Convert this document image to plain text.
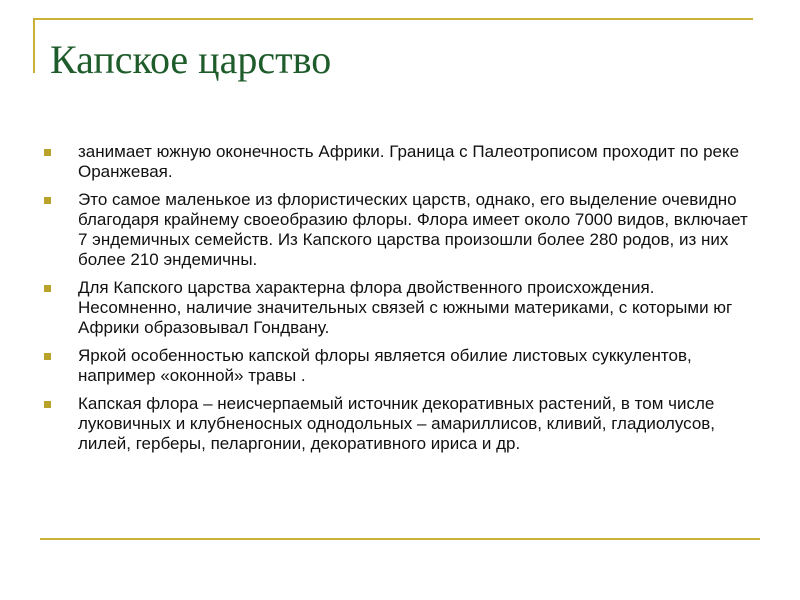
Капское царство
занимает южную оконечность Африки. Граница с Палеотрописом проходит по реке Оранжевая.
Это самое маленькое из флористических царств, однако, его выделение очевидно благодаря крайнему своеобразию флоры. Флора имеет около 7000 видов, включает 7 эндемичных семейств. Из Капского царства произошли более 280 родов, из них более 210 эндемичны.
Для Капского царства характерна флора двойственного происхождения. Несомненно, наличие значительных связей с южными материками, с которыми юг Африки образовывал Гондвану.
Яркой особенностью капской флоры является обилие листовых суккулентов, например «оконной» травы .
Капская флора – неисчерпаемый источник декоративных растений, в том числе луковичных и клубненосных однодольных – амариллисов, кливий, гладиолусов, лилей, герберы, пеларгонии, декоративного ириса и др.
